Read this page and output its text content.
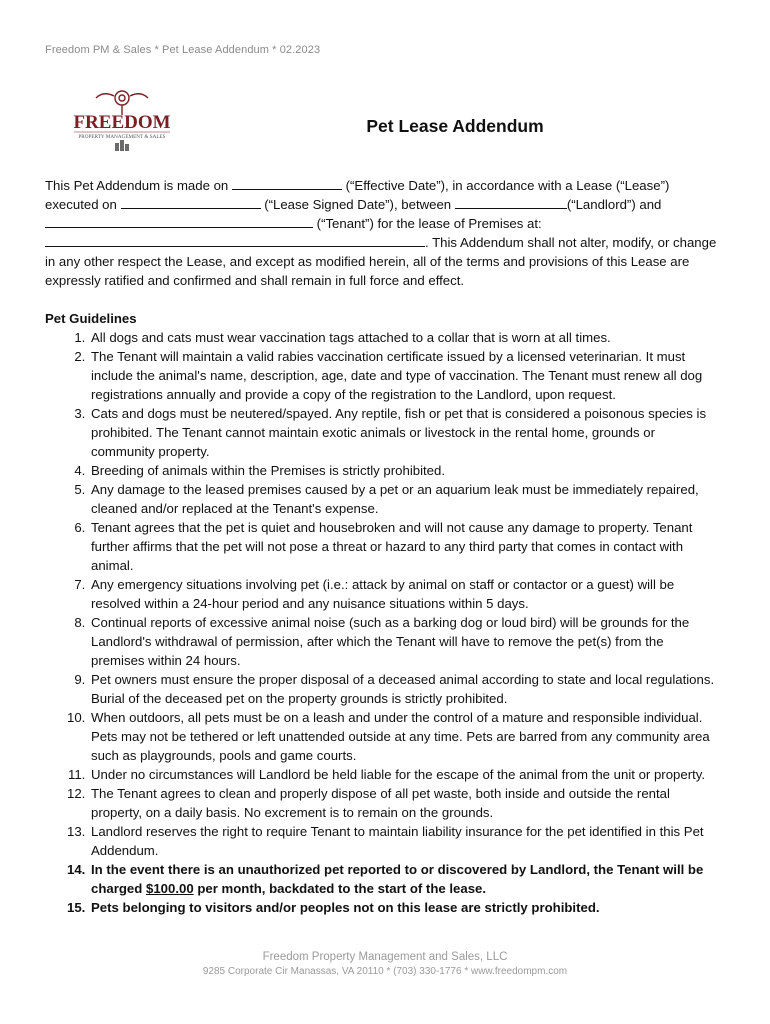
Freedom PM & Sales * Pet Lease Addendum * 02.2023
FREEDOM
PROPERTY MANAGEMENT & SALES
Pet Lease Addendum

This Pet Addendum is made on	(“Effective Date”), in accordance with a Lease (“Lease”)
executed on	(“Lease Signed Date”), between	(“Landlord”) and
(“Tenant”) for the lease of Premises at:
. This Addendum shall not alter, modify, or change in any other respect the Lease, and except as modified herein, all of the terms and provisions of this Lease are expressly ratified and confirmed and shall remain in full force and effect.

Pet Guidelines
1. All dogs and cats must wear vaccination tags attached to a collar that is worn at all times.
2. The Tenant will maintain a valid rabies vaccination certificate issued by a licensed veterinarian. It must include the animal's name, description, age, date and type of vaccination. The Tenant must renew all dog registrations annually and provide a copy of the registration to the Landlord, upon request.
3. Cats and dogs must be neutered/spayed. Any reptile, fish or pet that is considered a poisonous species is prohibited. The Tenant cannot maintain exotic animals or livestock in the rental home, grounds or community property.
4. Breeding of animals within the Premises is strictly prohibited.
5. Any damage to the leased premises caused by a pet or an aquarium leak must be immediately repaired, cleaned and/or replaced at the Tenant's expense.
6. Tenant agrees that the pet is quiet and housebroken and will not cause any damage to property. Tenant further affirms that the pet will not pose a threat or hazard to any third party that comes in contact with animal.
7. Any emergency situations involving pet (i.e.: attack by animal on staff or contactor or a guest) will be resolved within a 24-hour period and any nuisance situations within 5 days.
8. Continual reports of excessive animal noise (such as a barking dog or loud bird) will be grounds for the Landlord's withdrawal of permission, after which the Tenant will have to remove the pet(s) from the premises within 24 hours.
9. Pet owners must ensure the proper disposal of a deceased animal according to state and local regulations. Burial of the deceased pet on the property grounds is strictly prohibited.
10. When outdoors, all pets must be on a leash and under the control of a mature and responsible individual. Pets may not be tethered or left unattended outside at any time. Pets are barred from any community area such as playgrounds, pools and game courts.
11. Under no circumstances will Landlord be held liable for the escape of the animal from the unit or property.
12. The Tenant agrees to clean and properly dispose of all pet waste, both inside and outside the rental property, on a daily basis. No excrement is to remain on the grounds.
13. Landlord reserves the right to require Tenant to maintain liability insurance for the pet identified in this Pet Addendum.
14. In the event there is an unauthorized pet reported to or discovered by Landlord, the Tenant will be charged $100.00 per month, backdated to the start of the lease.
15. Pets belonging to visitors and/or peoples not on this lease are strictly prohibited.
Freedom Property Management and Sales, LLC
9285 Corporate Cir Manassas, VA 20110 * (703) 330-1776 * www.freedompm.com
